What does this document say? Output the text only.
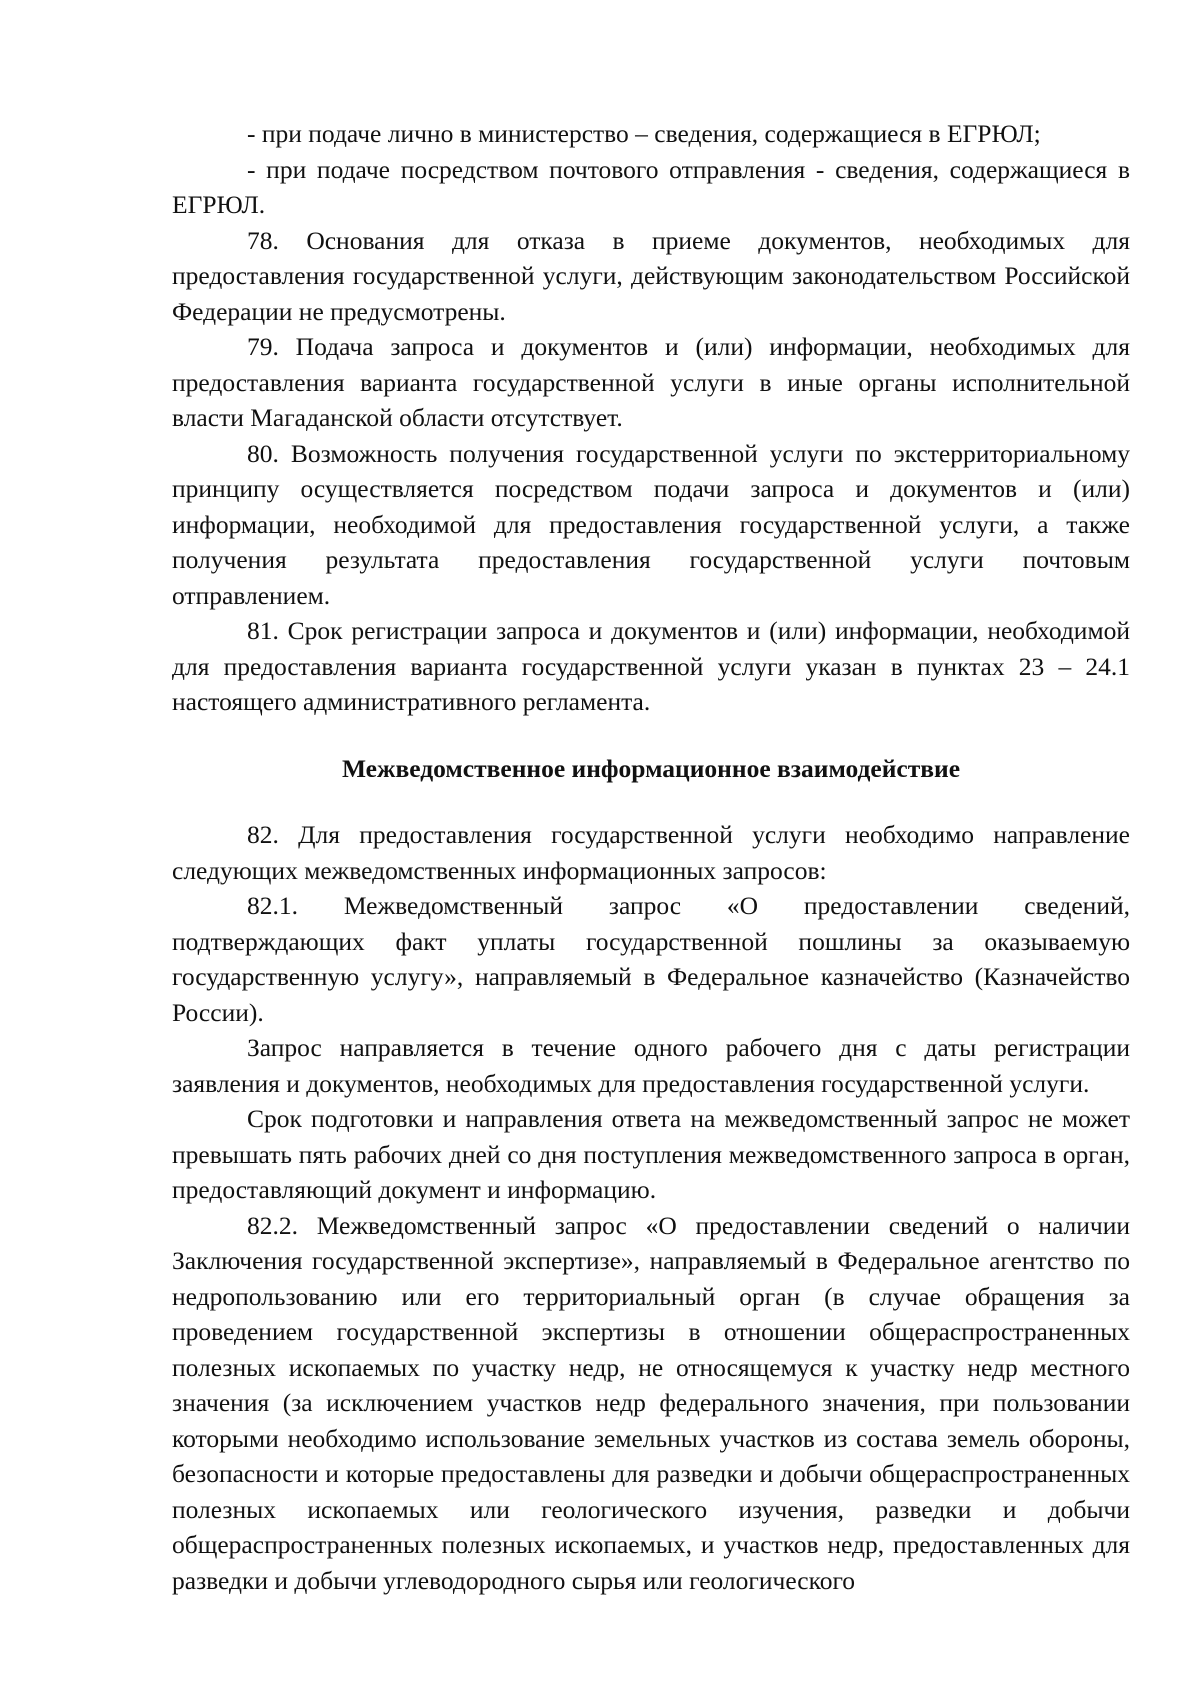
- при подаче лично в министерство – сведения, содержащиеся в ЕГРЮЛ;

- при подаче посредством почтового отправления - сведения, содержащиеся в ЕГРЮЛ.

78. Основания для отказа в приеме документов, необходимых для предоставления государственной услуги, действующим законодательством Российской Федерации не предусмотрены.

79. Подача запроса и документов и (или) информации, необходимых для предоставления варианта государственной услуги в иные органы исполнительной власти Магаданской области отсутствует.

80. Возможность получения государственной услуги по экстерриториальному принципу осуществляется посредством подачи запроса и документов и (или) информации, необходимой для предоставления государственной услуги, а также получения результата предоставления государственной услуги почтовым отправлением.

81. Срок регистрации запроса и документов и (или) информации, необходимой для предоставления варианта государственной услуги указан в пунктах 23 – 24.1 настоящего административного регламента.

Межведомственное информационное взаимодействие

82. Для предоставления государственной услуги необходимо направление следующих межведомственных информационных запросов:

82.1. Межведомственный запрос «О предоставлении сведений, подтверждающих факт уплаты государственной пошлины за оказываемую государственную услугу», направляемый в Федеральное казначейство (Казначейство России).

Запрос направляется в течение одного рабочего дня с даты регистрации заявления и документов, необходимых для предоставления государственной услуги.

Срок подготовки и направления ответа на межведомственный запрос не может превышать пять рабочих дней со дня поступления межведомственного запроса в орган, предоставляющий документ и информацию.

82.2. Межведомственный запрос «О предоставлении сведений о наличии Заключения государственной экспертизе», направляемый в Федеральное агентство по недропользованию или его территориальный орган (в случае обращения за проведением государственной экспертизы в отношении общераспространенных полезных ископаемых по участку недр, не относящемуся к участку недр местного значения (за исключением участков недр федерального значения, при пользовании которыми необходимо использование земельных участков из состава земель обороны, безопасности и которые предоставлены для разведки и добычи общераспространенных полезных ископаемых или геологического изучения, разведки и добычи общераспространенных полезных ископаемых, и участков недр, предоставленных для разведки и добычи углеводородного сырья или геологического
